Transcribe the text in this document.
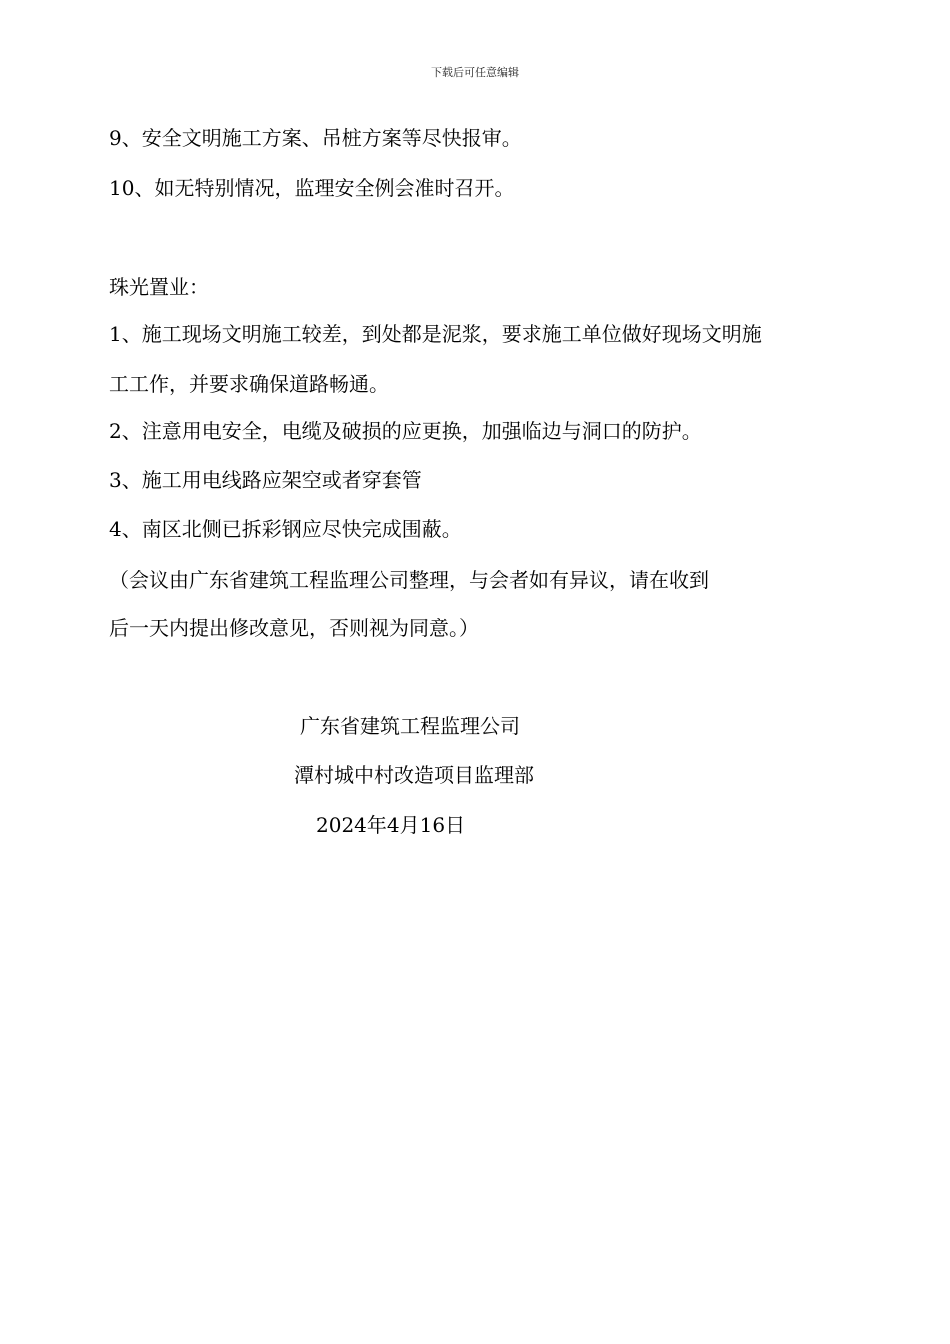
下载后可任意编辑
9、安全文明施工方案、吊桩方案等尽快报审。
10、如无特别情况，监理安全例会准时召开。
珠光置业：
1、施工现场文明施工较差，到处都是泥浆，要求施工单位做好现场文明施
工工作，并要求确保道路畅通。
2、注意用电安全，电缆及破损的应更换，加强临边与洞口的防护。
3、施工用电线路应架空或者穿套管
4、南区北侧已拆彩钢应尽快完成围蔽。
（会议由广东省建筑工程监理公司整理，与会者如有异议，请在收到
后一天内提出修改意见，否则视为同意。）
广东省建筑工程监理公司
潭村城中村改造项目监理部
2024年4月16日
